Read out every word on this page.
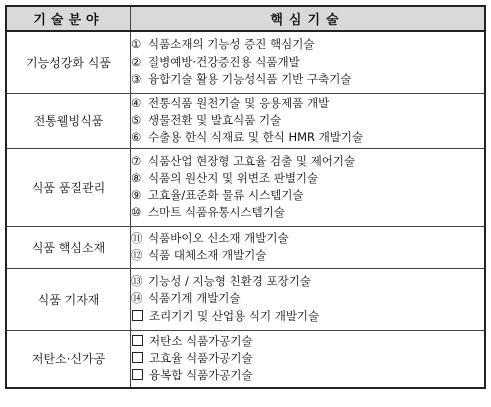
기술분야	핵심기술
기능성강화 식품	① 식품소재의 기능성 증진 핵심기술
② 질병예방·건강증진용 식품개발
③ 융합기술 활용 기능성식품 기반 구축기술

전통웰빙식품	④ 전통식품 원천기술 및 응용제품 개발
⑤ 생물전환 및 발효식품 기술
⑥ 수출용 한식 식재료 및 한식 HMR 개발기술

식품 품질관리	⑦ 식품산업 현장형 고효율 검출 및 제어기술
⑧ 식품의 원산지 및 위변조 판별기술
⑨ 고효율/표준화 물류 시스템기술
⑩ 스마트 식품유통시스템기술

식품 핵심소재	⑪ 식품바이오 신소재 개발기술
⑫ 식품 대체소재 개발기술

식품 기자재	⑬ 기능성 / 지능형 친환경 포장기술
⑭ 식품기계 개발기술
조리기기 및 산업용 식기 개발기술

저탄소·신가공	저탄소 식품가공기술
고효율 식품가공기술
융복합 식품가공기술
